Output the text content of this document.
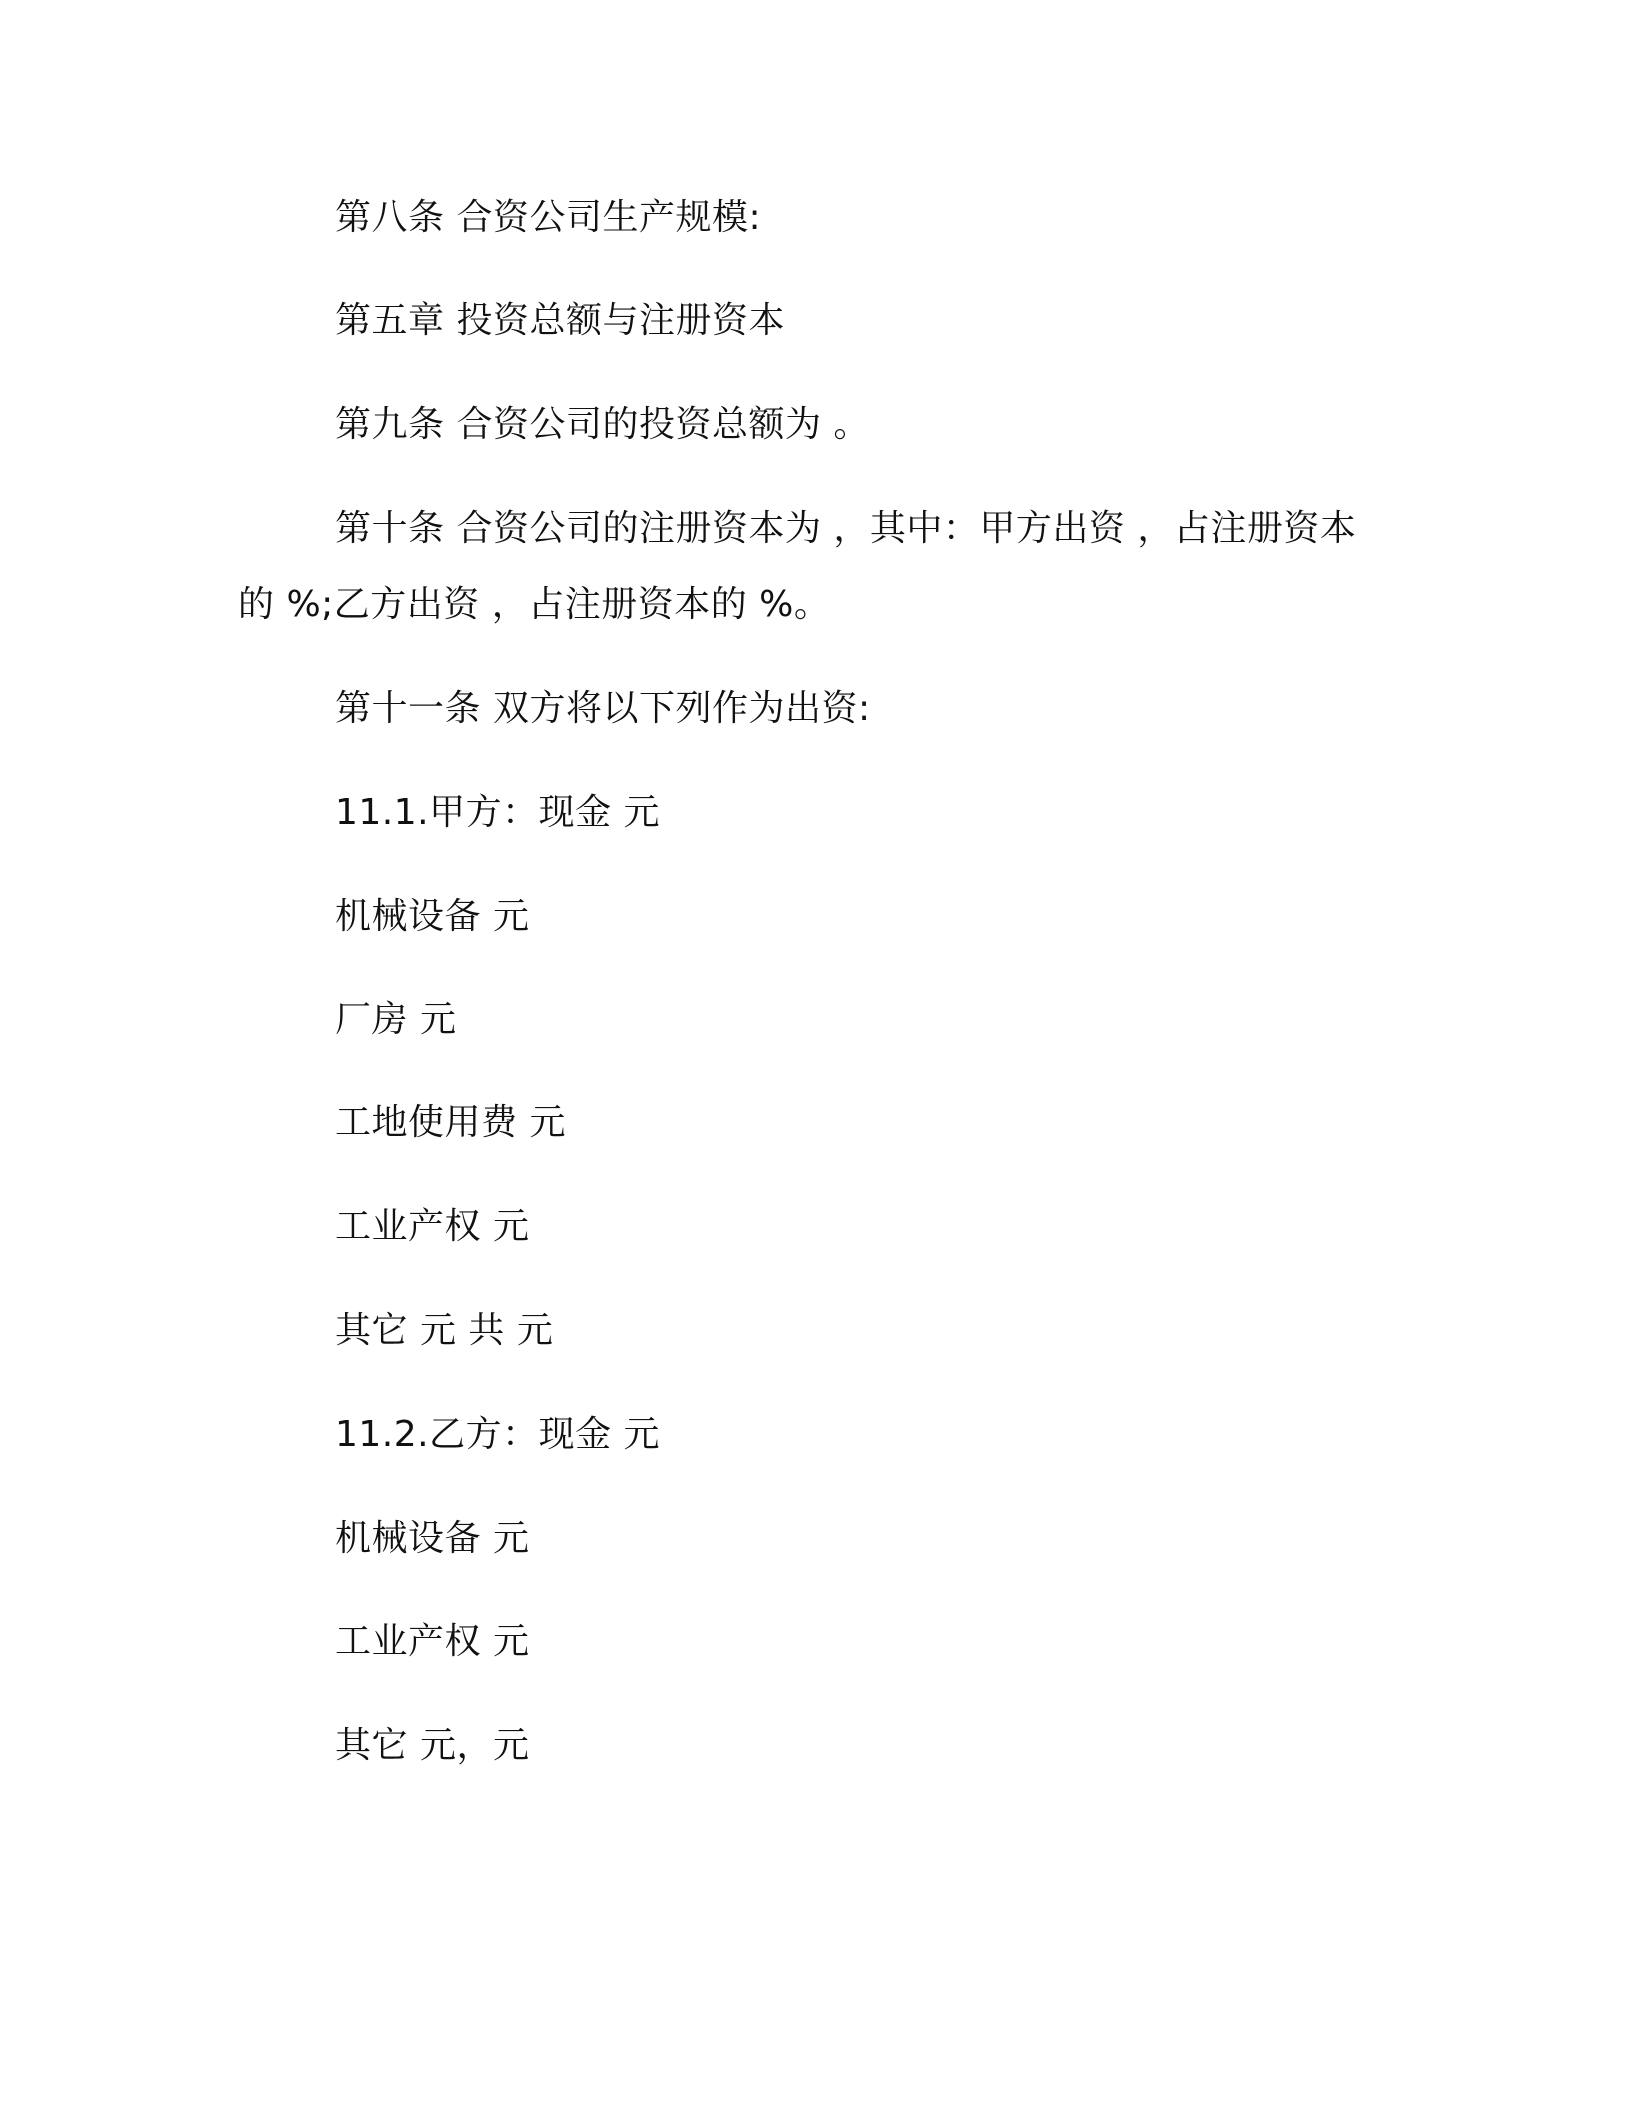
第八条 合资公司生产规模:
第五章 投资总额与注册资本
第九条 合资公司的投资总额为 。
第十条 合资公司的注册资本为 ，其中：甲方出资 ，占注册资本
的 %;乙方出资 ，占注册资本的 %。
第十一条 双方将以下列作为出资:
11.1.甲方：现金 元
机械设备 元
厂房 元
工地使用费 元
工业产权 元
其它 元 共 元
11.2.乙方：现金 元
机械设备 元
工业产权 元
其它 元，元
